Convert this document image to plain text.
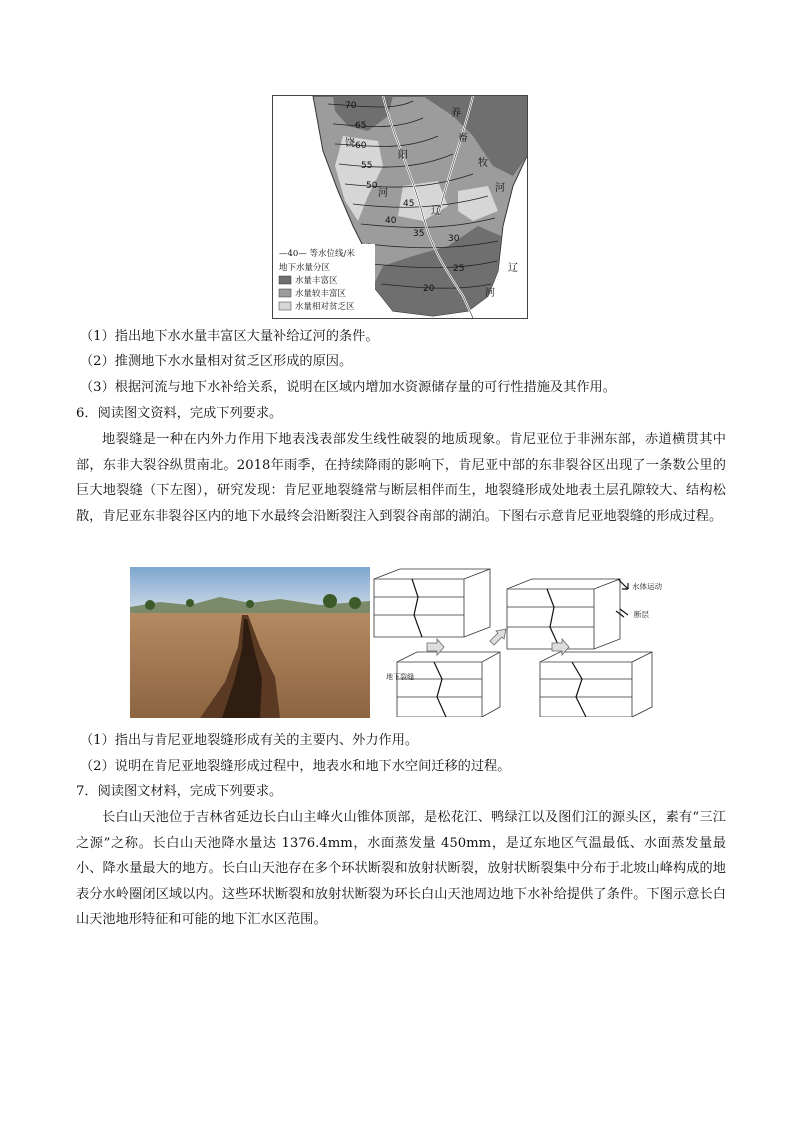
70
65
60
55
50
45
40
35	30
25
20
养
畜
牧
河
辽
饶
阳
河
辽
河
—40— 等水位线/米
地下水量分区
水量丰富区
水量较丰富区
水量相对贫乏区
（1）指出地下水水量丰富区大量补给辽河的条件。
（2）推测地下水水量相对贫乏区形成的原因。
（3）根据河流与地下水补给关系，说明在区域内增加水资源储存量的可行性措施及其作用。
6．阅读图文资料，完成下列要求。
地裂缝是一种在内外力作用下地表浅表部发生线性破裂的地质现象。肯尼亚位于非洲东部，赤道横贯其中部，东非大裂谷纵贯南北。2018年雨季，在持续降雨的影响下，肯尼亚中部的东非裂谷区出现了一条数公里的巨大地裂缝（下左图），研究发现：肯尼亚地裂缝常与断层相伴而生，地裂缝形成处地表土层孔隙较大、结构松散，肯尼亚东非裂谷区内的地下水最终会沿断裂注入到裂谷南部的湖泊。下图右示意肯尼亚地裂缝的形成过程。
水体运动
断层
地下裂缝
（1）指出与肯尼亚地裂缝形成有关的主要内、外力作用。
（2）说明在肯尼亚地裂缝形成过程中，地表水和地下水空间迁移的过程。
7．阅读图文材料，完成下列要求。
长白山天池位于吉林省延边长白山主峰火山锥体顶部，是松花江、鸭绿江以及图们江的源头区，素有“三江之源”之称。长白山天池降水量达 1376.4mm，水面蒸发量 450mm，是辽东地区气温最低、水面蒸发量最小、降水量最大的地方。长白山天池存在多个环状断裂和放射状断裂，放射状断裂集中分布于北坡山峰构成的地表分水岭圈闭区域以内。这些环状断裂和放射状断裂为环长白山天池周边地下水补给提供了条件。下图示意长白山天池地形特征和可能的地下汇水区范围。
